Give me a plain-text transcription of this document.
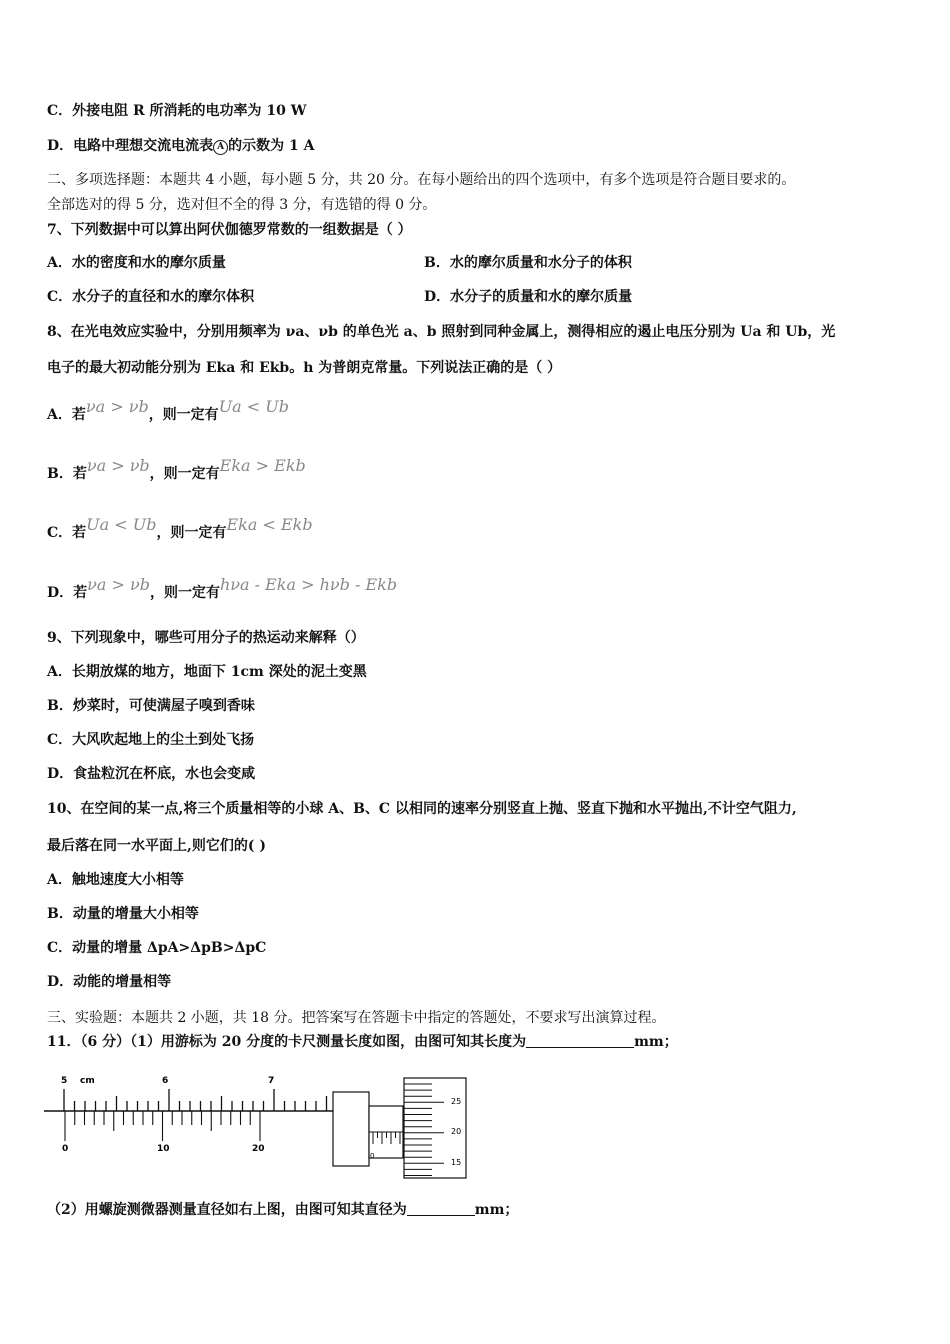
C．外接电阻 R 所消耗的电功率为 10 W
D．电路中理想交流电流表 A 的示数为 1 A
二、多项选择题：本题共 4 小题，每小题 5 分，共 20 分。在每小题给出的四个选项中，有多个选项是符合题目要求的。
全部选对的得 5 分，选对但不全的得 3 分，有选错的得 0 分。
7、下列数据中可以算出阿伏伽德罗常数的一组数据是（ ）
A．水的密度和水的摩尔质量	B．水的摩尔质量和水分子的体积
C．水分子的直径和水的摩尔体积	D．水分子的质量和水的摩尔质量
8、在光电效应实验中，分别用频率为 νa、νb 的单色光 a、b 照射到同种金属上，测得相应的遏止电压分别为 Ua 和 Ub，光
电子的最大初动能分别为 Eka 和 Ekb。h 为普朗克常量。下列说法正确的是（ ）
A．若νa > νb，则一定有Ua < Ub
B．若νa > νb，则一定有Eka > Ekb
C．若Ua < Ub，则一定有Eka < Ekb
D．若νa > νb，则一定有hνa - Eka > hνb - Ekb
9、下列现象中，哪些可用分子的热运动来解释（）
A．长期放煤的地方，地面下 1cm 深处的泥土变黑
B．炒菜时，可使满屋子嗅到香味
C．大风吹起地上的尘土到处飞扬
D．食盐粒沉在杯底，水也会变咸
10、在空间的某一点,将三个质量相等的小球 A、B、C 以相同的速率分别竖直上抛、竖直下抛和水平抛出,不计空气阻力,
最后落在同一水平面上,则它们的( )
A．触地速度大小相等
B．动量的增量大小相等
C．动量的增量 ΔpA>ΔpB>ΔpC
D．动能的增量相等
三、实验题：本题共 2 小题，共 18 分。把答案写在答题卡中指定的答题处，不要求写出演算过程。
11．（6 分）（1）用游标为 20 分度的卡尺测量长度如图，由图可知其长度为	mm；
5 cm	6	7
0	10	20
25
20
15
0
（2）用螺旋测微器测量直径如右上图，由图可知其直径为	mm；
